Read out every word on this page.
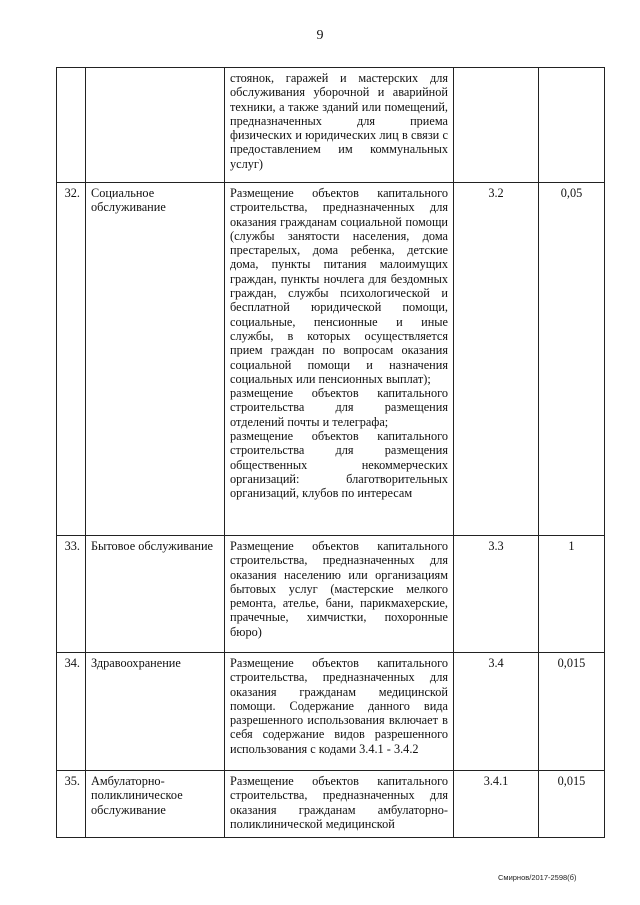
9

		стоянок, гаражей и мастерских для обслуживания уборочной и аварийной техники, а также зданий или помещений, предназначенных для приема физических и юридических лиц в связи с предоставлением им коммунальных услуг)		

32.	Социальное обслуживание	Размещение объектов капитального строительства, предназначенных для оказания гражданам социальной помощи (службы занятости населения, дома престарелых, дома ребенка, детские дома, пункты питания малоимущих граждан, пункты ночлега для бездомных граждан, службы психологической и бесплатной юридической помощи, социальные, пенсионные и иные службы, в которых осуществляется прием граждан по вопросам оказания социальной помощи и назначения социальных или пенсионных выплат);
размещение объектов капитального строительства для размещения отделений почты и телеграфа;
размещение объектов капитального строительства для размещения общественных некоммерческих организаций: благотворительных организаций, клубов по интересам	3.2	0,05
33.	Бытовое обслуживание	Размещение объектов капитального строительства, предназначенных для оказания населению или организациям бытовых услуг (мастерские мелкого ремонта, ателье, бани, парикмахерские, прачечные, химчистки, похоронные бюро)	3.3	1
34.	Здравоохранение	Размещение объектов капитального строительства, предназначенных для оказания гражданам медицинской помощи. Содержание данного вида разрешенного использования включает в себя содержание видов разрешенного использования с кодами 3.4.1 - 3.4.2	3.4	0,015
35.	Амбулаторно-поликлиническое обслуживание	Размещение объектов капитального строительства, предназначенных для оказания гражданам амбулаторно-поликлинической медицинской	3.4.1	0,015
Смирнов/2017-2598(б)
